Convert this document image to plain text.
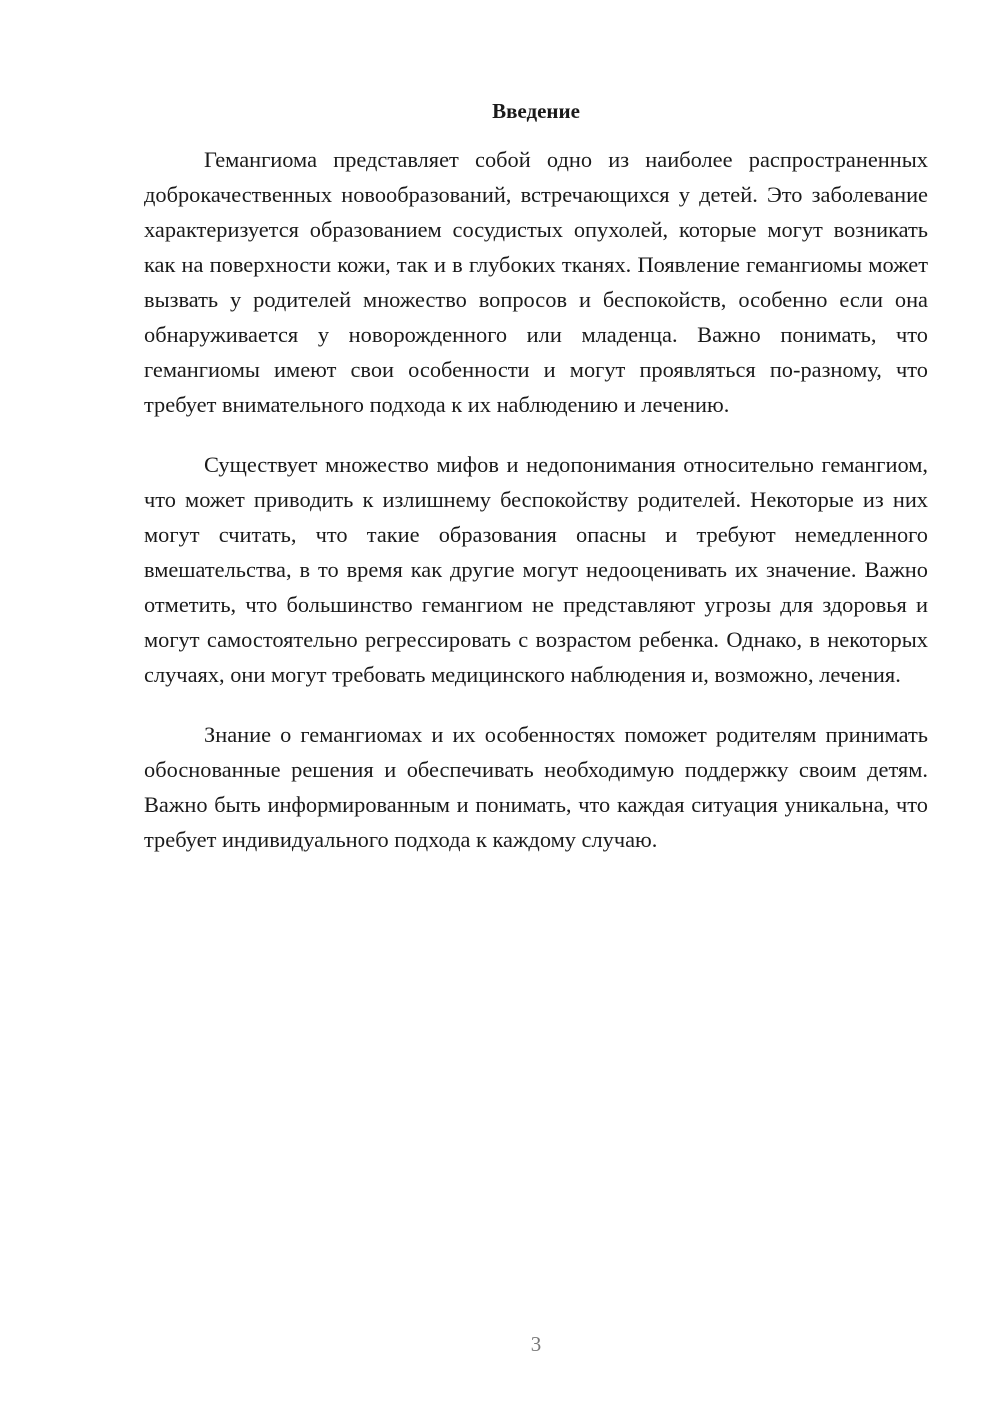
Введение

Гемангиома представляет собой одно из наиболее распространенных доброкачественных новообразований, встречающихся у детей. Это заболевание характеризуется образованием сосудистых опухолей, которые могут возникать как на поверхности кожи, так и в глубоких тканях. Появление гемангиомы может вызвать у родителей множество вопросов и беспокойств, особенно если она обнаруживается у новорожденного или младенца. Важно понимать, что гемангиомы имеют свои особенности и могут проявляться по-разному, что требует внимательного подхода к их наблюдению и лечению.

Существует множество мифов и недопонимания относительно гемангиом, что может приводить к излишнему беспокойству родителей. Некоторые из них могут считать, что такие образования опасны и требуют немедленного вмешательства, в то время как другие могут недооценивать их значение. Важно отметить, что большинство гемангиом не представляют угрозы для здоровья и могут самостоятельно регрессировать с возрастом ребенка. Однако, в некоторых случаях, они могут требовать медицинского наблюдения и, возможно, лечения.

Знание о гемангиомах и их особенностях поможет родителям принимать обоснованные решения и обеспечивать необходимую поддержку своим детям. Важно быть информированным и понимать, что каждая ситуация уникальна, что требует индивидуального подхода к каждому случаю.

3
